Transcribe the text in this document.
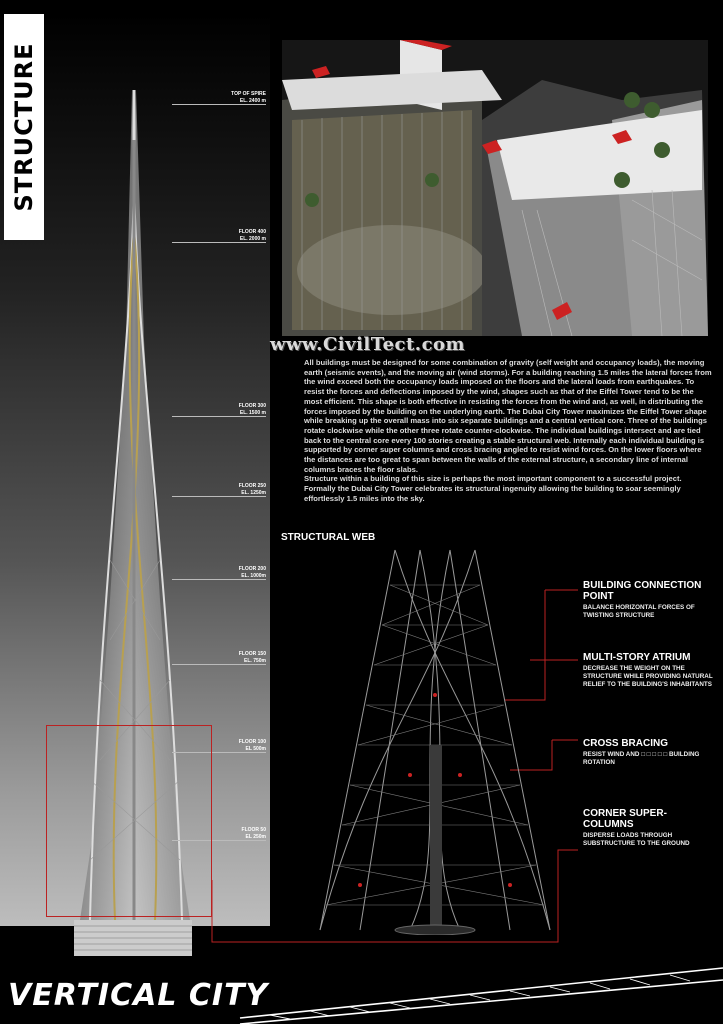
STRUCTURE	TOP OF SPIRE
EL. 2400 m
FLOOR 400
EL. 2000 m
FLOOR 300
EL. 1500 m
FLOOR 250
EL. 1250m
FLOOR 200
EL. 1000m
FLOOR 150
EL. 750m
FLOOR 100
EL 500m
FLOOR 50
EL 250m
www.CivilTect.com

All buildings must be designed for some combination of gravity (self weight and occupancy loads), the moving earth (seismic events), and the moving air (wind storms). For a building reaching 1.5 miles the lateral forces from the wind exceed both the occupancy loads imposed on the floors and the lateral loads from earthquakes. To resist the forces and deflections imposed by the wind, shapes such as that of the Eiffel Tower tend to be the most efficient. This shape is both effective in resisting the forces from the wind and, as well, in distributing the forces imposed by the building on the underlying earth. The Dubai City Tower maximizes the Eiffel Tower shape while breaking up the overall mass into six separate buildings and a central vertical core. Three of the buildings rotate clockwise while the other three rotate counter-clockwise. The individual buildings intersect and are tied back to the central core every 100 stories creating a stable structural web. Internally each individual building is supported by corner super columns and cross bracing angled to resist wind forces. On the lower floors where the distances are too great to span between the walls of the external structure, a secondary line of internal columns braces the floor slabs.

Structure within a building of this size is perhaps the most important component to a successful project. Formally the Dubai City Tower celebrates its structural ingenuity allowing the building to soar seemingly effortlessly 1.5 miles into the sky.

STRUCTURAL WEB
BUILDING CONNECTION POINT
BALANCE HORIZONTAL FORCES OF TWISTING STRUCTURE
MULTI-STORY ATRIUM
DECREASE THE WEIGHT ON THE STRUCTURE WHILE PROVIDING NATURAL RELIEF TO THE BUILDING'S INHABITANTS
CROSS BRACING
RESIST WIND AND □ □ □ □ □ BUILDING ROTATION
CORNER SUPER-COLUMNS
DISPERSE LOADS THROUGH SUBSTRUCTURE TO THE GROUND
VERTICAL CITY
